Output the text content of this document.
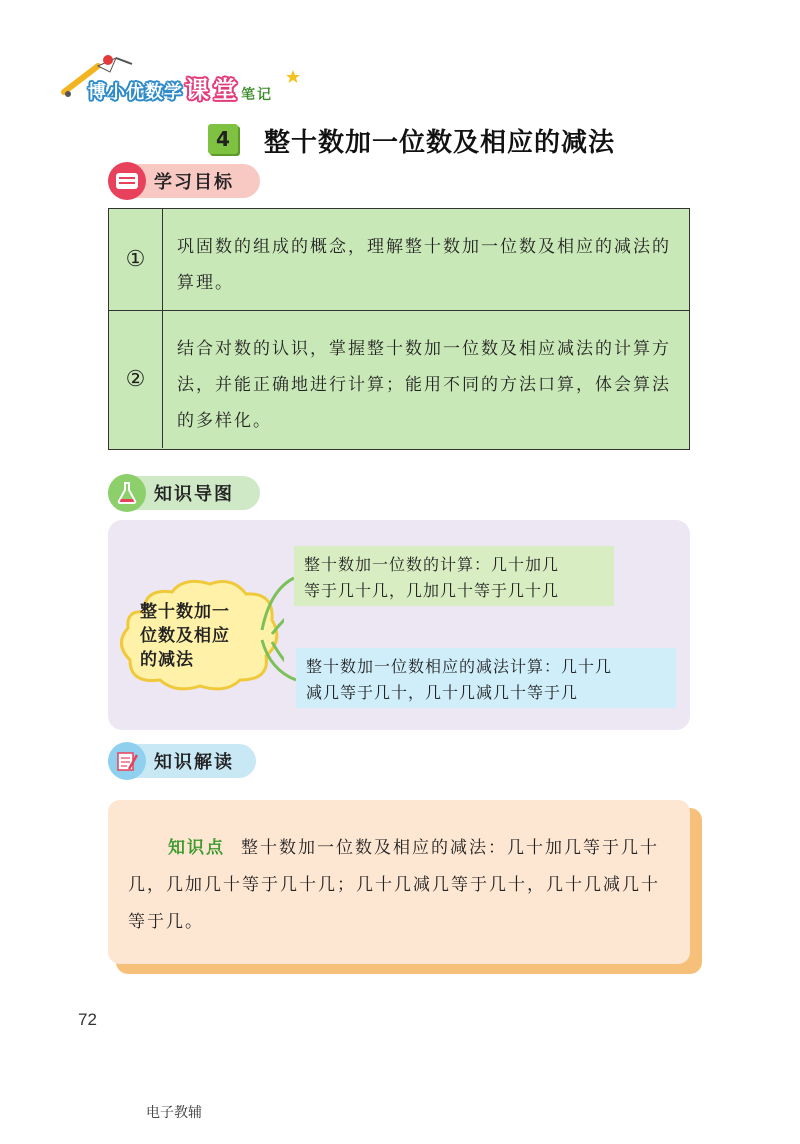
博 小 优 数 学 课 堂 笔 记
4	整十数加一位数及相应的减法
学习目标
①	巩固数的组成的概念，理解整十数加一位数及相应的减法的算理。
②
结合对数的认识，掌握整十数加一位数及相应减法的计算方法，并能正确地进行计算；能用不同的方法口算，体会算法的多样化。
知识导图
整十数加一
位数及相应
的减法
整十数加一位数的计算：几十加几
等于几十几，几加几十等于几十几
整十数加一位数相应的减法计算：几十几
减几等于几十，几十几减几十等于几
知识解读
知识点 整十数加一位数及相应的减法：几十加几等于几十几，几加几十等于几十几；几十几减几等于几十，几十几减几十等于几。
72
电子教辅
